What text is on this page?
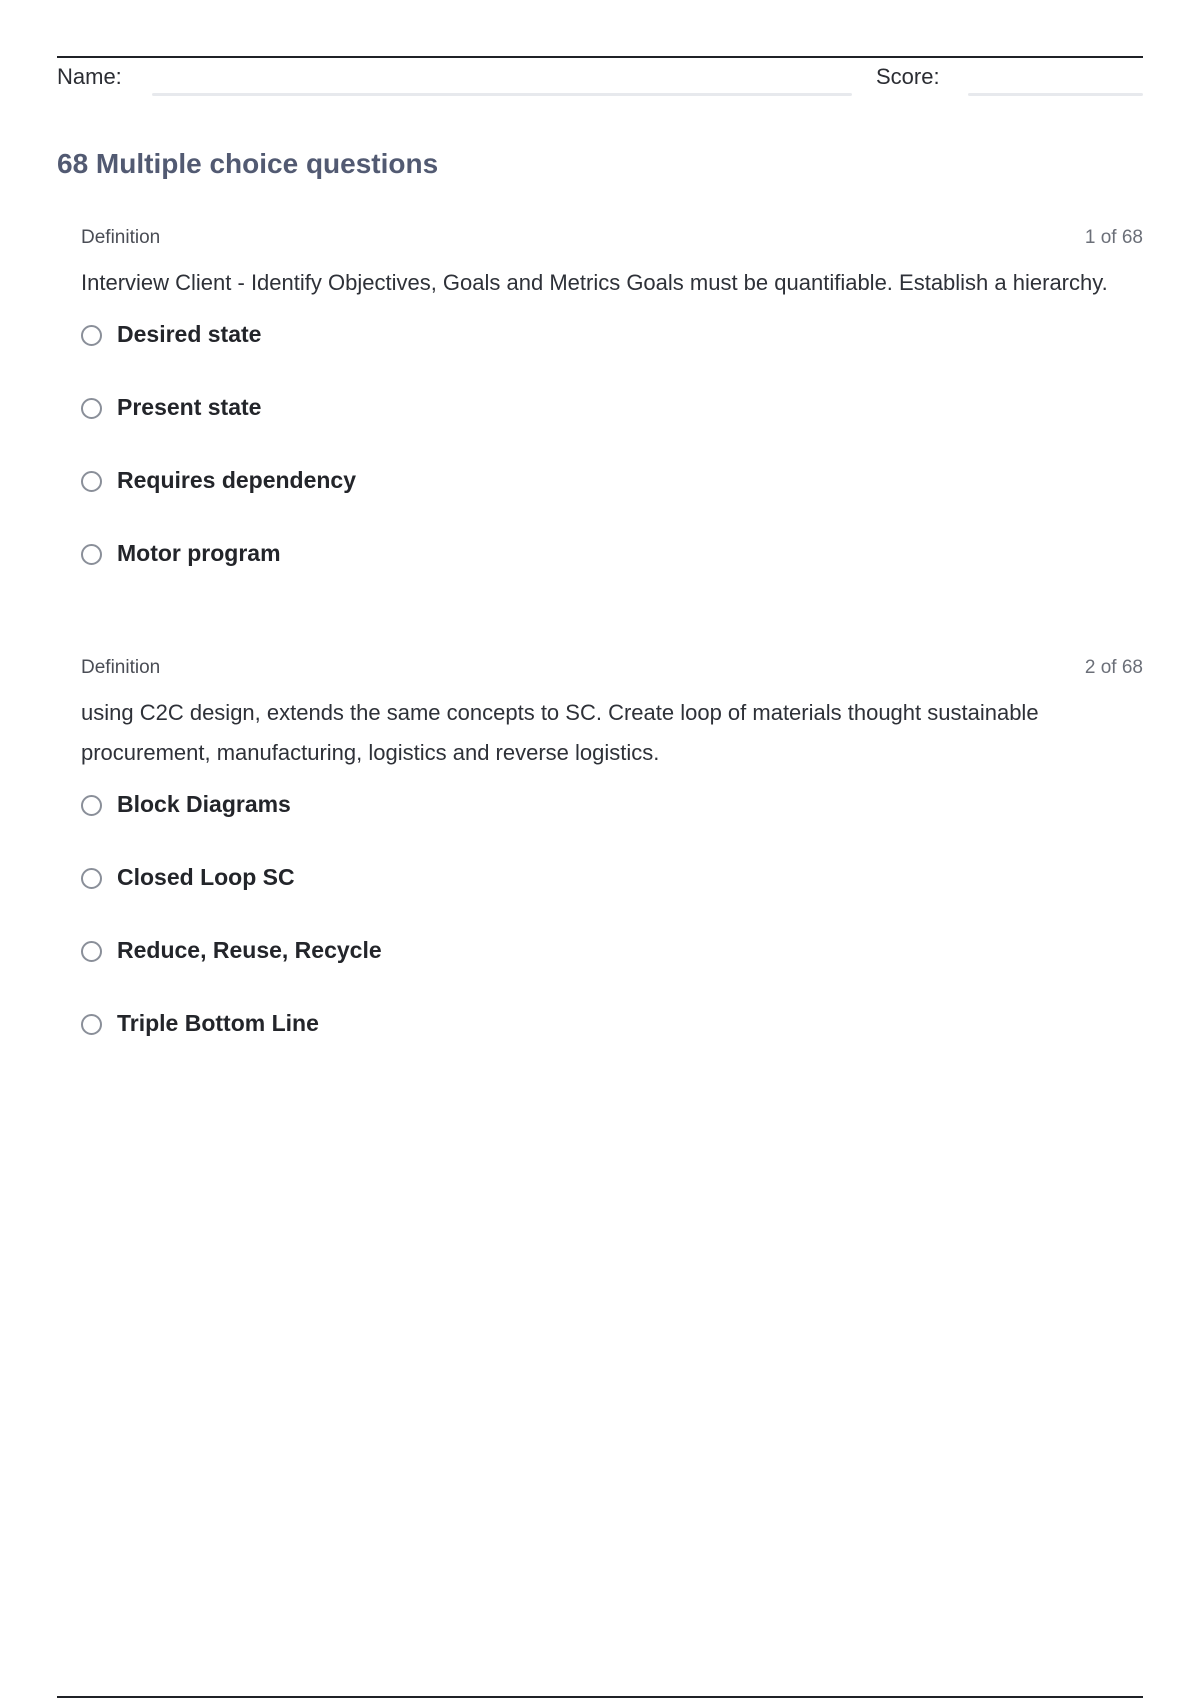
Name:	Score:
68 Multiple choice questions
Definition	1 of 68
Interview Client - Identify Objectives, Goals and Metrics Goals must be quantifiable. Establish a hierarchy.
Desired state
Present state
Requires dependency
Motor program
Definition	2 of 68
using C2C design, extends the same concepts to SC. Create loop of materials thought sustainable procurement, manufacturing, logistics and reverse logistics.
Block Diagrams
Closed Loop SC
Reduce, Reuse, Recycle
Triple Bottom Line
